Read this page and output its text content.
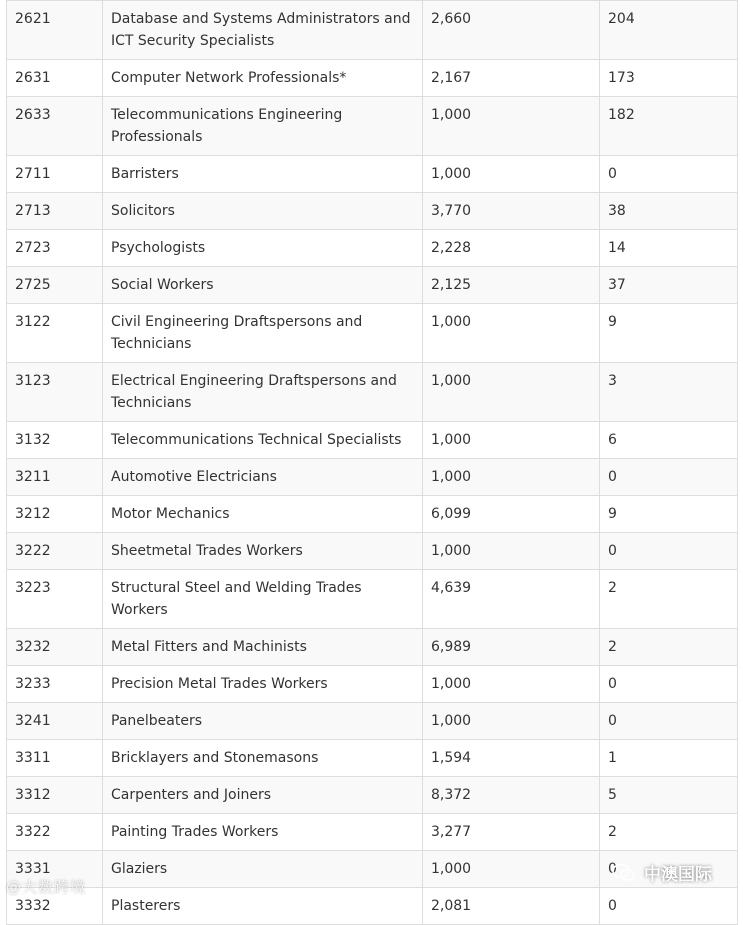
2621	Database and Systems Administrators and ICT Security Specialists	2,660	204
2631	Computer Network Professionals*	2,167	173
2633	Telecommunications Engineering Professionals	1,000	182
2711	Barristers	1,000	0
2713	Solicitors	3,770	38
2723	Psychologists	2,228	14
2725	Social Workers	2,125	37
3122	Civil Engineering Draftspersons and Technicians	1,000	9
3123	Electrical Engineering Draftspersons and Technicians	1,000	3
3132	Telecommunications Technical Specialists	1,000	6
3211	Automotive Electricians	1,000	0
3212	Motor Mechanics	6,099	9
3222	Sheetmetal Trades Workers	1,000	0
3223	Structural Steel and Welding Trades Workers	4,639	2
3232	Metal Fitters and Machinists	6,989	2
3233	Precision Metal Trades Workers	1,000	0
3241	Panelbeaters	1,000	0
3311	Bricklayers and Stonemasons	1,594	1
3312	Carpenters and Joiners	8,372	5
3322	Painting Trades Workers	3,277	2
3331	Glaziers	1,000	0
3332	Plasterers	2,081	0
@大数跨境
中澳国际
